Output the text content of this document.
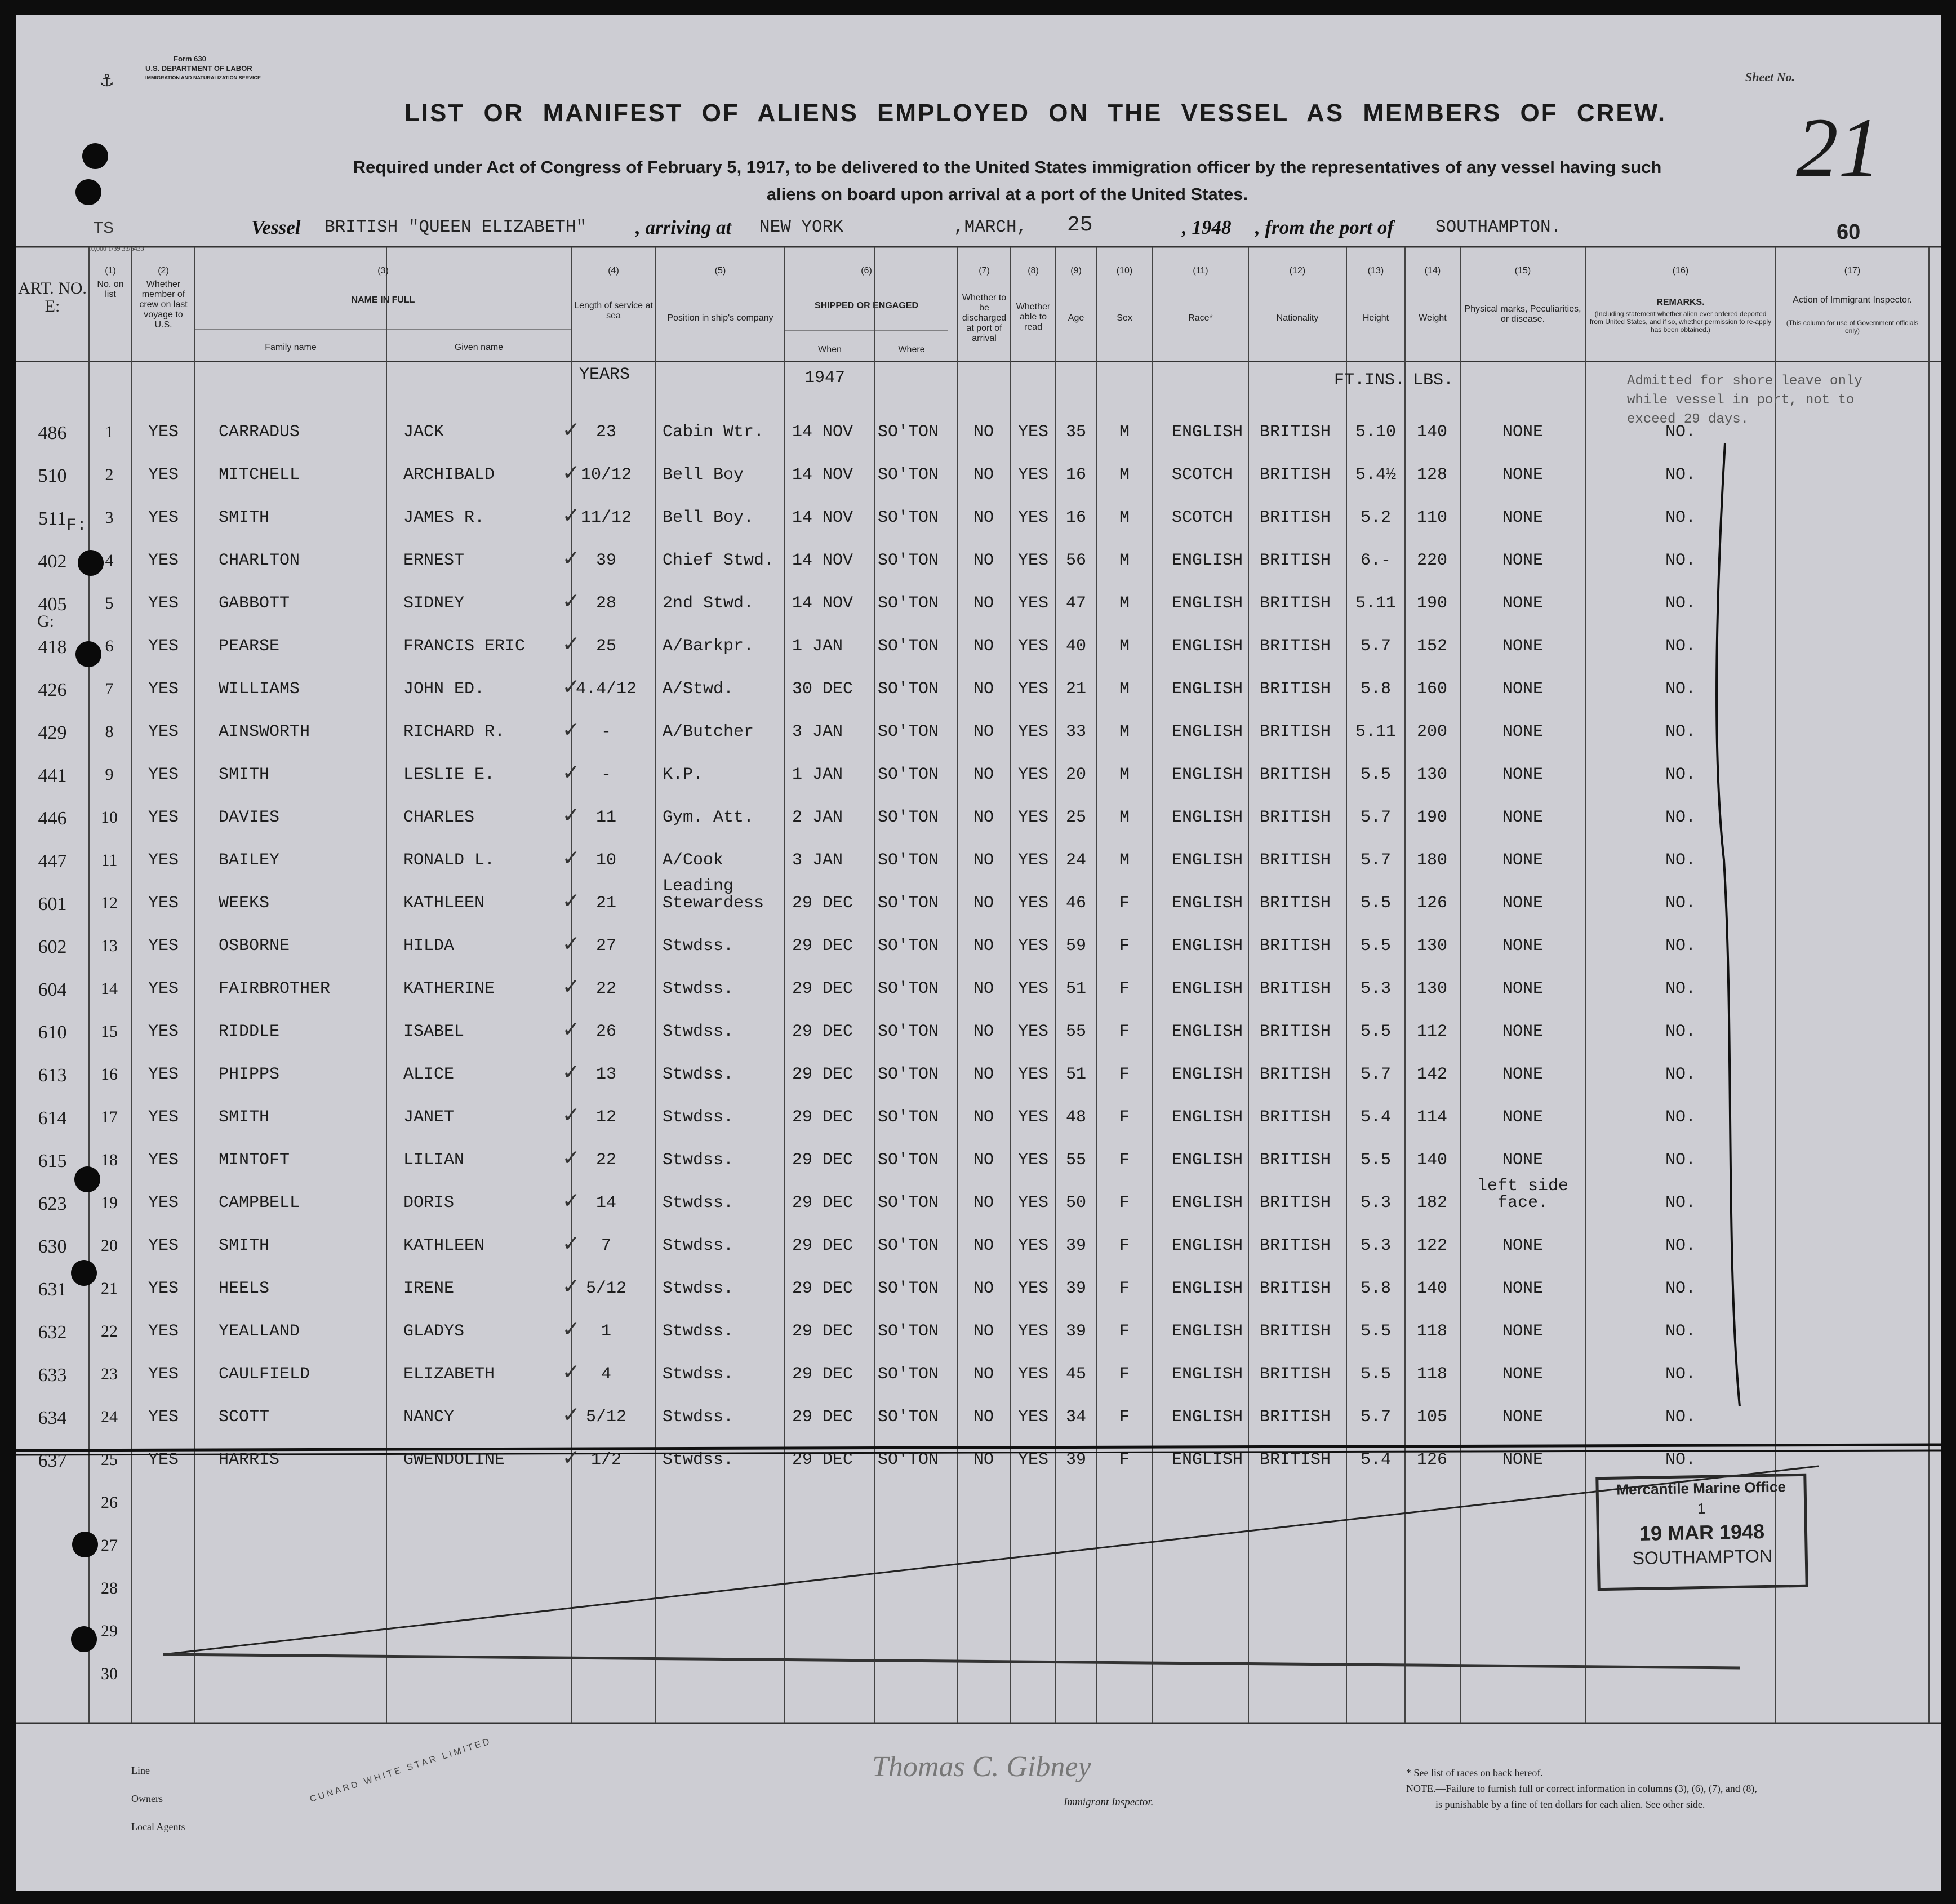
Form 630
U.S. DEPARTMENT OF LABOR
IMMIGRATION AND NATURALIZATION SERVICE
⚓
LIST OR MANIFEST OF ALIENS EMPLOYED ON THE VESSEL AS MEMBERS OF CREW.
Required under Act of Congress of February 5, 1917, to be delivered to the United States immigration officer by the representatives of any vessel having such
aliens on board upon arrival at a port of the United States.
Sheet No.
21
60
TS
10,000 1/39 33/6433
Vessel BRITISH "QUEEN ELIZABETH" , arriving at NEW YORK	,MARCH, 25	, 1948 , from the port of SOUTHAMPTON.
ART. NO. E:
(1)
No. on list
(2)
Whether member of crew on last voyage to U.S.
(3)
NAME IN FULL
Family name	Given name
(4)
Length of service at sea
(5)
Position in ship's company
(6)
SHIPPED OR ENGAGED
When	Where
(7)
Whether to be discharged at port of arrival
(8)
Whether able to read
(9)
Age
(10)
Sex
(11)
Race*
(12)
Nationality
(13)
Height
(14)
Weight
(15)
Physical marks, Peculiarities, or disease.
(16)
REMARKS.
(17)
Action of Immigrant Inspector.
(Including statement whether alien ever ordered deported from United States, and if so, whether permission to re-apply has been obtained.)
(This column for use of Government officials only)
YEARS	1947	FT.INS. LBS.
486	1	YES	CARRADUS	JACK	23	Cabin Wtr. 14 NOV SO'TON	NO	YES	35	M	ENGLISH BRITISH	5.10	140	NONE	NO.
✓
510	2	YES	MITCHELL	ARCHIBALD	10/12	Bell Boy	14 NOV SO'TON	NO	YES	16	M	SCOTCH BRITISH	5.4½	128	NONE	NO.
✓
511	3	YES	SMITH	JAMES R.	11/12	Bell Boy. 14 NOV SO'TON	NO	YES	16	M	SCOTCH BRITISH	5.2	110	NONE	NO.
✓
402	4	YES	CHARLTON	ERNEST	39	Chief Stwd. 14 NOV SO'TON	NO	YES	56	M	ENGLISH BRITISH	6.-	220	NONE	NO.
✓
405	5	YES	GABBOTT	SIDNEY	28	2nd Stwd. 14 NOV SO'TON	NO	YES	47	M	ENGLISH BRITISH	5.11	190	NONE	NO.
✓
418	6	YES	PEARSE	FRANCIS ERIC	25	A/Barkpr. 1 JAN SO'TON	NO	YES	40	M	ENGLISH BRITISH	5.7	152	NONE	NO.
✓
426	7	YES	WILLIAMS	JOHN ED.	4.4/12	A/Stwd.	30 DEC SO'TON	NO	YES	21	M	ENGLISH BRITISH	5.8	160	NONE	NO.
✓
429	8	YES	AINSWORTH	RICHARD R.	-	A/Butcher 3 JAN SO'TON	NO	YES	33	M	ENGLISH BRITISH	5.11	200	NONE	NO.
✓
441	9	YES	SMITH	LESLIE E.	-	K.P.	1 JAN SO'TON	NO	YES	20	M	ENGLISH BRITISH	5.5	130	NONE	NO.
✓
446	10	YES	DAVIES	CHARLES	11	Gym. Att. 2 JAN SO'TON	NO	YES	25	M	ENGLISH BRITISH	5.7	190	NONE	NO.
✓
447	11	YES	BAILEY	RONALD L.	10	A/Cook	3 JAN SO'TON	NO	YES	24	M	ENGLISH BRITISH	5.7	180	NONE	NO.
✓
601	12	YES	WEEKS	KATHLEEN	21
Leading Stewardess	29 DEC SO'TON	NO	YES	46	F	ENGLISH BRITISH	5.5	126	NONE	NO.
✓
602	13	YES	OSBORNE	HILDA	27	Stwdss.	29 DEC SO'TON	NO	YES	59	F	ENGLISH BRITISH	5.5	130	NONE	NO.
✓
604	14	YES	FAIRBROTHER	KATHERINE	22	Stwdss.	29 DEC SO'TON	NO	YES	51	F	ENGLISH BRITISH	5.3	130	NONE	NO.
✓
610	15	YES	RIDDLE	ISABEL	26	Stwdss.	29 DEC SO'TON	NO	YES	55	F	ENGLISH BRITISH	5.5	112	NONE	NO.
✓
613	16	YES	PHIPPS	ALICE	13	Stwdss.	29 DEC SO'TON	NO	YES	51	F	ENGLISH BRITISH	5.7	142	NONE	NO.
✓
614	17	YES	SMITH	JANET	12	Stwdss.	29 DEC SO'TON	NO	YES	48	F	ENGLISH BRITISH	5.4	114	NONE	NO.
✓
615	18	YES	MINTOFT	LILIAN	22	Stwdss.	29 DEC SO'TON	NO	YES	55	F	ENGLISH BRITISH	5.5	140	NONE	NO.
✓
623	19	YES	CAMPBELL	DORIS	14	Stwdss.	29 DEC SO'TON	NO	YES	50	F	ENGLISH BRITISH	5.3	182
left side face.	NO.
✓
630	20	YES	SMITH	KATHLEEN	7	Stwdss.	29 DEC SO'TON	NO	YES	39	F	ENGLISH BRITISH	5.3	122	NONE	NO.
✓
631	21	YES	HEELS	IRENE	5/12	Stwdss.	29 DEC SO'TON	NO	YES	39	F	ENGLISH BRITISH	5.8	140	NONE	NO.
✓
632	22	YES	YEALLAND	GLADYS	1	Stwdss.	29 DEC SO'TON	NO	YES	39	F	ENGLISH BRITISH	5.5	118	NONE	NO.
✓
633	23	YES	CAULFIELD	ELIZABETH	4	Stwdss.	29 DEC SO'TON	NO	YES	45	F	ENGLISH BRITISH	5.5	118	NONE	NO.
✓
634	24	YES	SCOTT	NANCY	5/12	Stwdss.	29 DEC SO'TON	NO	YES	34	F	ENGLISH BRITISH	5.7	105	NONE	NO.
✓
637	25	YES	HARRIS	GWENDOLINE	1/2	Stwdss.	29 DEC SO'TON	NO	YES	39	F	ENGLISH BRITISH	5.4	126	NONE	NO.
✓
26
27
28
29
30
Admitted for shore leave only while vessel in port, not to exceed 29 days.
F:
G:
Mercantile Marine Office
1
19 MAR 1948
SOUTHAMPTON
Line
Owners
Local Agents
CUNARD WHITE STAR LIMITED	Thomas C. Gibney
Immigrant Inspector.
* See list of races on back hereof.
NOTE.—Failure to furnish full or correct information in columns (3), (6), (7), and (8),
is punishable by a fine of ten dollars for each alien. See other side.
